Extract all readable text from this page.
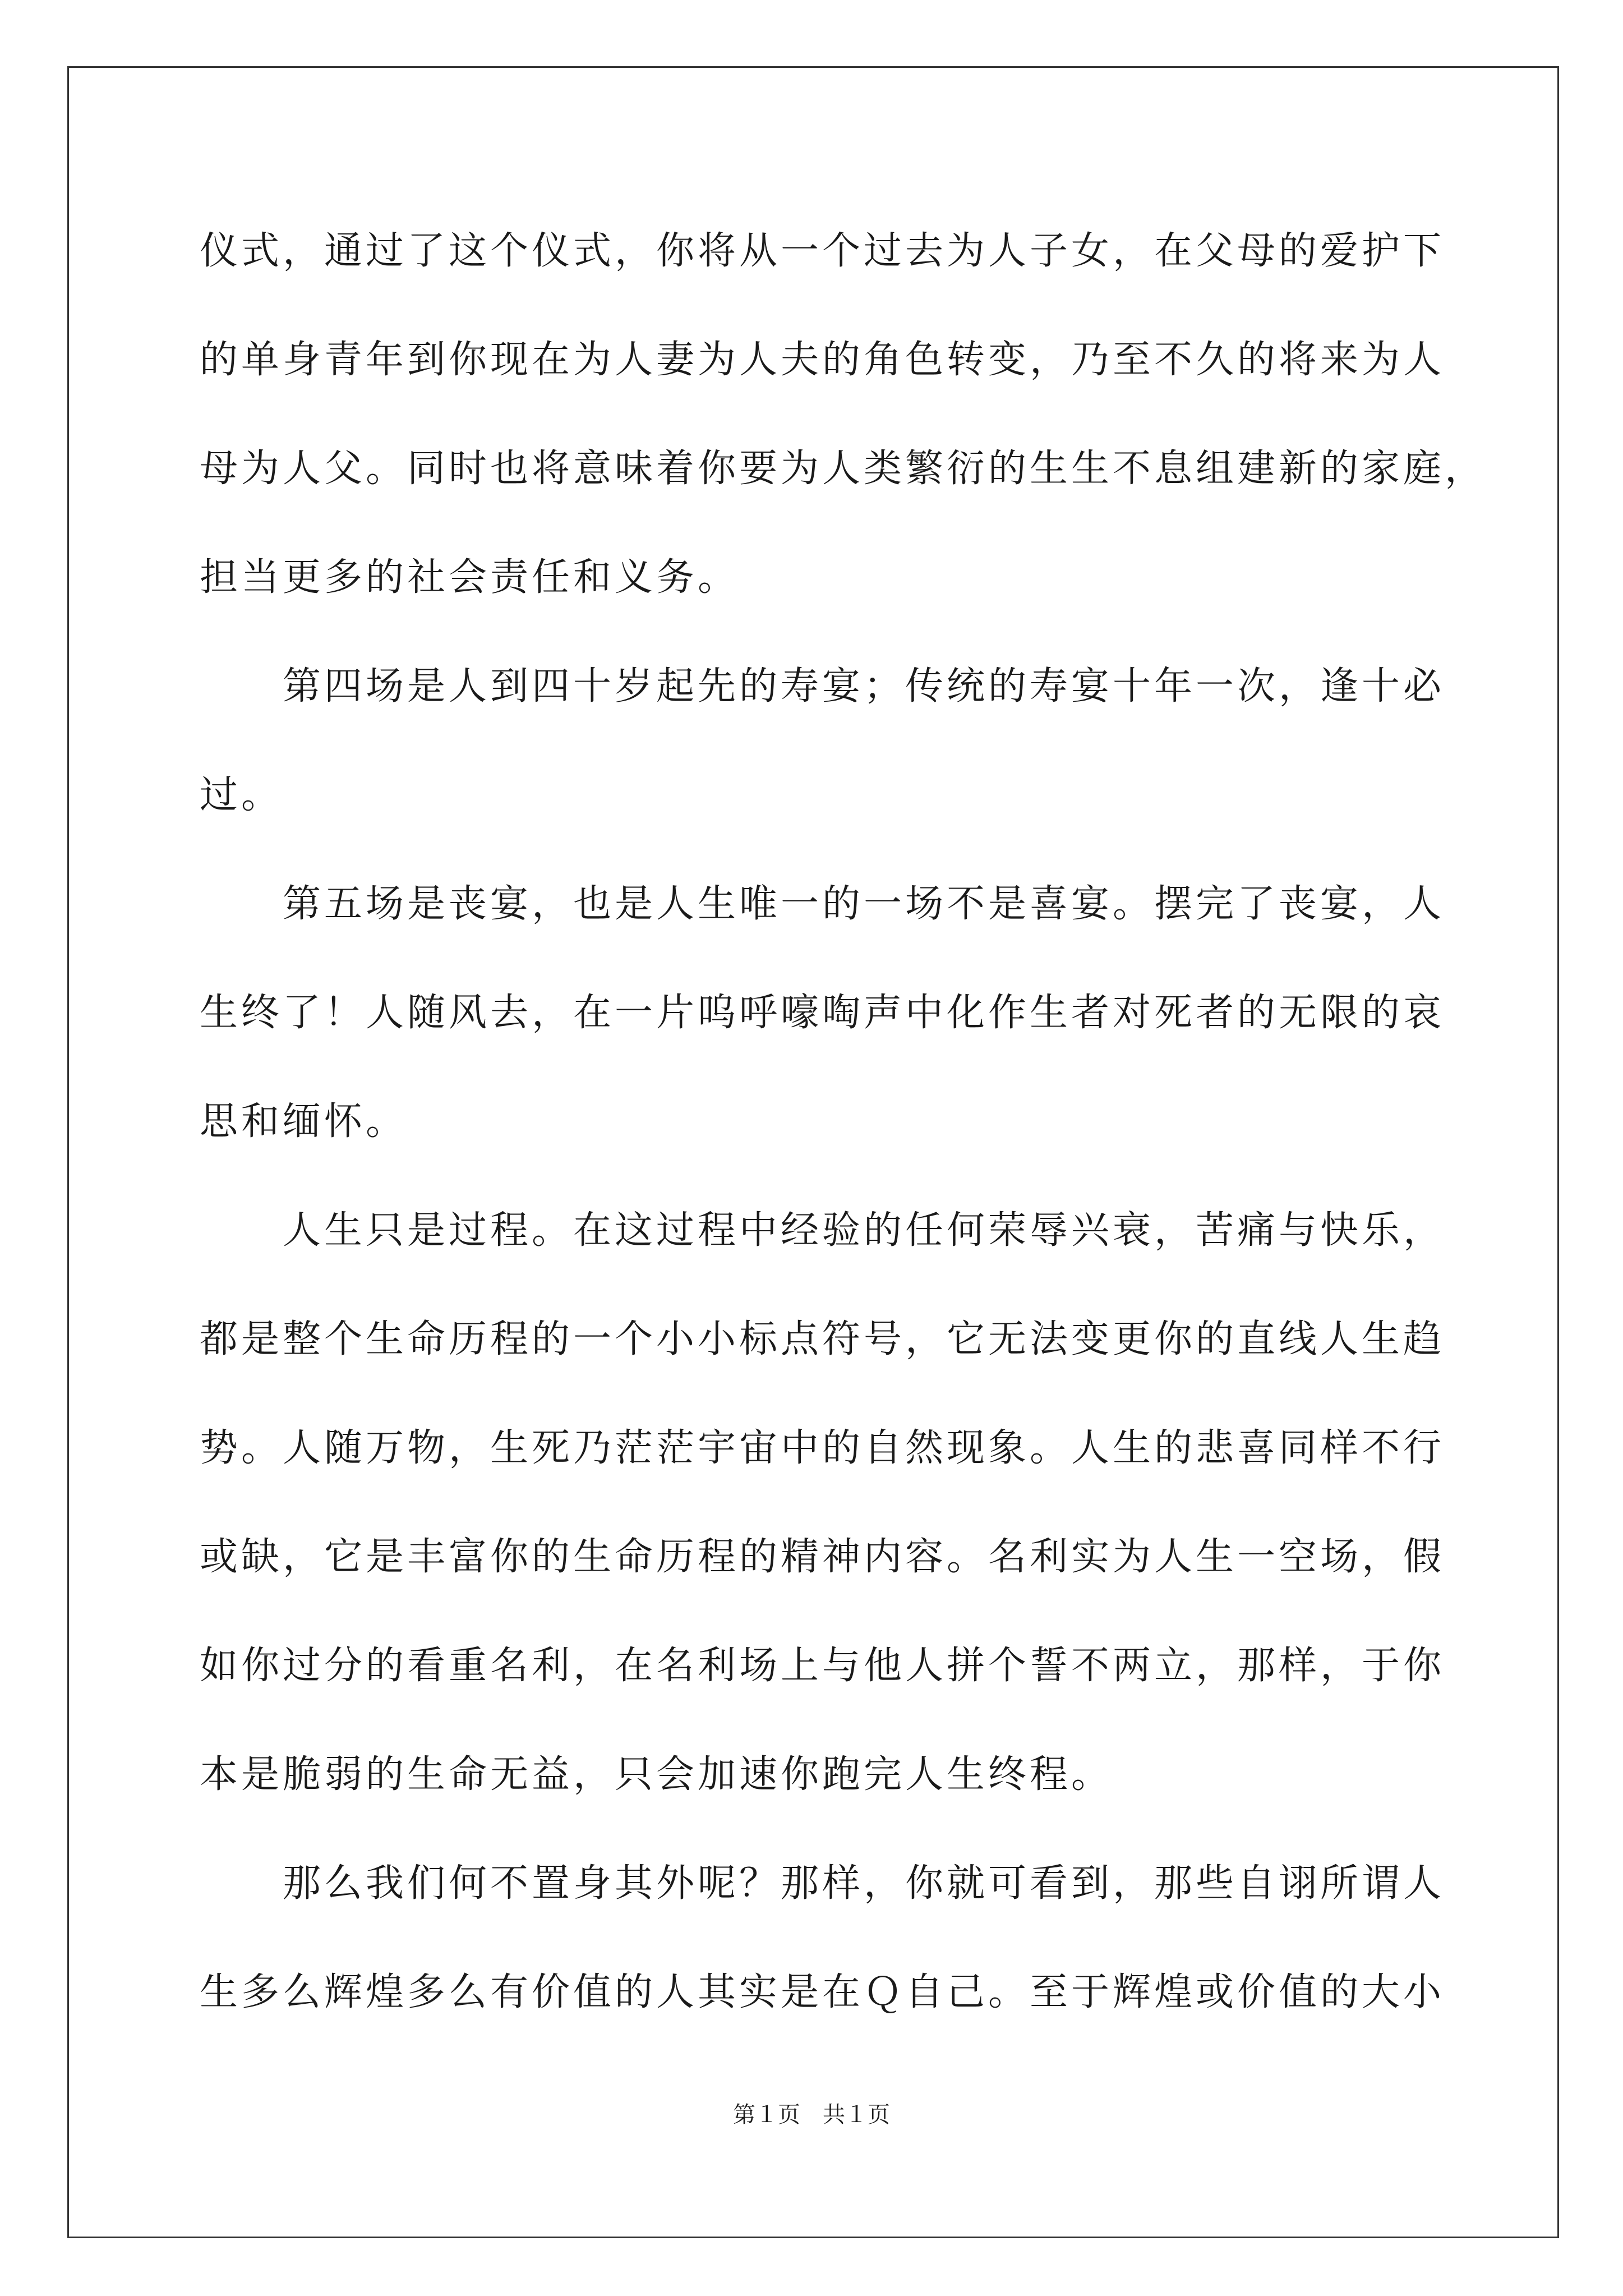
仪式，通过了这个仪式，你将从一个过去为人子女，在父母的爱护下
的单身青年到你现在为人妻为人夫的角色转变，乃至不久的将来为人
母为人父。同时也将意味着你要为人类繁衍的生生不息组建新的家庭，
担当更多的社会责任和义务。
　　第四场是人到四十岁起先的寿宴；传统的寿宴十年一次，逢十必
过。
　　第五场是丧宴，也是人生唯一的一场不是喜宴。摆完了丧宴，人
生终了！人随风去，在一片呜呼嚎啕声中化作生者对死者的无限的哀
思和缅怀。
　　人生只是过程。在这过程中经验的任何荣辱兴衰，苦痛与快乐，
都是整个生命历程的一个小小标点符号，它无法变更你的直线人生趋
势。人随万物，生死乃茫茫宇宙中的自然现象。人生的悲喜同样不行
或缺，它是丰富你的生命历程的精神内容。名利实为人生一空场，假
如你过分的看重名利，在名利场上与他人拼个誓不两立，那样，于你
本是脆弱的生命无益，只会加速你跑完人生终程。
　　那么我们何不置身其外呢？那样，你就可看到，那些自诩所谓人
生多么辉煌多么有价值的人其实是在Ｑ自己。至于辉煌或价值的大小
第１页　共１页
